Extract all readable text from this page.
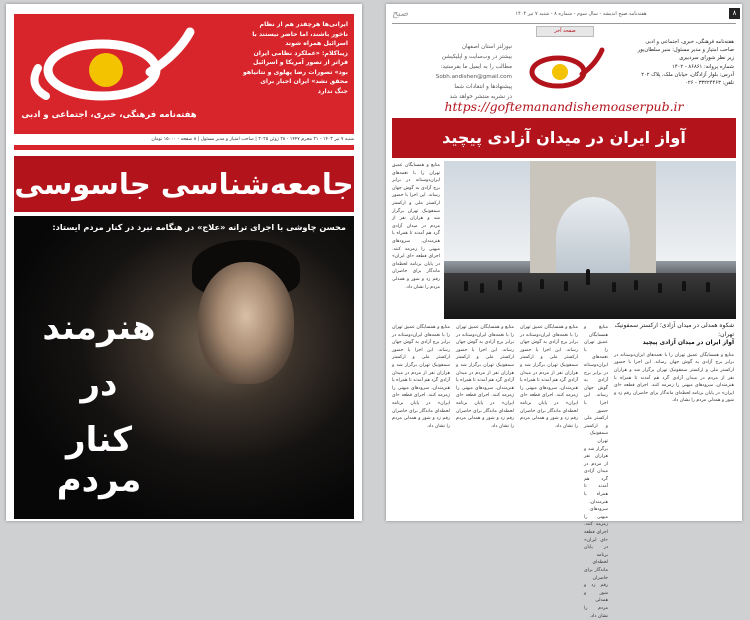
هفته‌نامه فرهنگی، خبری، اجتماعی و ادبی
ایرانی‌ها هرچقدر هم از نظام
ناخور باشند، اما حاضر نیستند با
اسرائیل همراه شوند
زیباکلام: «عملکرد نظامی ایران
فراتر از تصور آمریکا و اسرائیل
بود» تصورات رضا پهلوی و نتانیاهو
محقق نشد» ایران اجبار برای
جنگ ندارد
شنبه ۷ تیر ۱۴۰۳ - ۲۱ محرم ۱۴۴۷ - ۲۸ ژوئن ۲۰۲۵ | صاحب امتیاز و مدیر مسئول | ۸ صفحه - ۱۵۰۰۰ تومان
جامعه‌شناسی جاسوسی
محسن چاوشی با اجرای ترانه «علاج» در هنگامه نبرد در کنار مردم ایستاد:
هنرمند
در
کنار مردم
صبح	هفته‌نامه صبح اندیشه - سال سوم - شماره ۸ - شنبه ۷ تیر ۱۴۰۴	۸
صفحه آخر
هفته‌نامه فرهنگی، خبری، اجتماعی و ادبی
صاحب امتیاز و مدیر مسئول: منیر سلطان‌پور
زیر نظر شورای سردبیری
شماره پروانه: ۸۶۸۶۱ - ۱۴۰۲
آدرس: بلوار آزادگان، خیابان ملک، پلاک ۲۰۲
تلفن: ۳۳۲۲۴۴۶۳ - ۰۲۶
نیوزلتر استان اصفهان
بیشتر در وب‌سایت و اپلیکیشن
مطالب را به ایمیل ما بفرستید:
Sobh.andishen@gmail.com
پیشنهادها و انتقادات شما
در نشریه منتشر خواهد شد
https://goftemanandishemoaserpub.ir
آواز ایران در میدان آزادی پیچید
منابع و همسایگان عمیق تهران را با نغمه‌های ایران‌دوستانه در برابر برج آزادی به گوش جهان رساند. این اجرا با حضور ارکستر ملی و ارکستر سمفونیک تهران برگزار شد و هزاران نفر از مردم در میدان آزادی گرد هم آمدند تا همراه با هنرمندان، سرودهای میهنی را زمزمه کنند. اجرای قطعه «ای ایران» در پایان برنامه لحظه‌ای ماندگار برای حاضران رقم زد و شور و همدلی مردم را نشان داد.
منابع و همسایگان عمیق تهران را با نغمه‌های ایران‌دوستانه در برابر برج آزادی به گوش جهان رساند. این اجرا با حضور ارکستر ملی و ارکستر سمفونیک تهران برگزار شد و هزاران نفر از مردم در میدان آزادی گرد هم آمدند تا همراه با هنرمندان، سرودهای میهنی را زمزمه کنند. اجرای قطعه «ای ایران» در پایان برنامه لحظه‌ای ماندگار برای حاضران رقم زد و شور و همدلی مردم را نشان داد.
منابع و همسایگان عمیق تهران را با نغمه‌های ایران‌دوستانه در برابر برج آزادی به گوش جهان رساند. این اجرا با حضور ارکستر ملی و ارکستر سمفونیک تهران برگزار شد و هزاران نفر از مردم در میدان آزادی گرد هم آمدند تا همراه با هنرمندان، سرودهای میهنی را زمزمه کنند. اجرای قطعه «ای ایران» در پایان برنامه لحظه‌ای ماندگار برای حاضران رقم زد و شور و همدلی مردم را نشان داد.
منابع و همسایگان عمیق تهران را با نغمه‌های ایران‌دوستانه در برابر برج آزادی به گوش جهان رساند. این اجرا با حضور ارکستر ملی و ارکستر سمفونیک تهران برگزار شد و هزاران نفر از مردم در میدان آزادی گرد هم آمدند تا همراه با هنرمندان، سرودهای میهنی را زمزمه کنند. اجرای قطعه «ای ایران» در پایان برنامه لحظه‌ای ماندگار برای حاضران رقم زد و شور و همدلی مردم را نشان داد.
منابع و همسایگان عمیق تهران را با نغمه‌های ایران‌دوستانه در برابر برج آزادی به گوش جهان رساند. این اجرا با حضور ارکستر ملی و ارکستر سمفونیک تهران برگزار شد و هزاران نفر از مردم در میدان آزادی گرد هم آمدند تا همراه با هنرمندان، سرودهای میهنی را زمزمه کنند. اجرای قطعه «ای ایران» در پایان برنامه لحظه‌ای ماندگار برای حاضران رقم زد و شور و همدلی مردم را نشان داد.
شکوه همدلی در میدان آزادی؛ ارکستر سمفونیک تهران:
آواز ایران در میدان آزادی پیچید
منابع و همسایگان عمیق تهران را با نغمه‌های ایران‌دوستانه در برابر برج آزادی به گوش جهان رساند. این اجرا با حضور ارکستر ملی و ارکستر سمفونیک تهران برگزار شد و هزاران نفر از مردم در میدان آزادی گرد هم آمدند تا همراه با هنرمندان، سرودهای میهنی را زمزمه کنند. اجرای قطعه «ای ایران» در پایان برنامه لحظه‌ای ماندگار برای حاضران رقم زد و شور و همدلی مردم را نشان داد.
